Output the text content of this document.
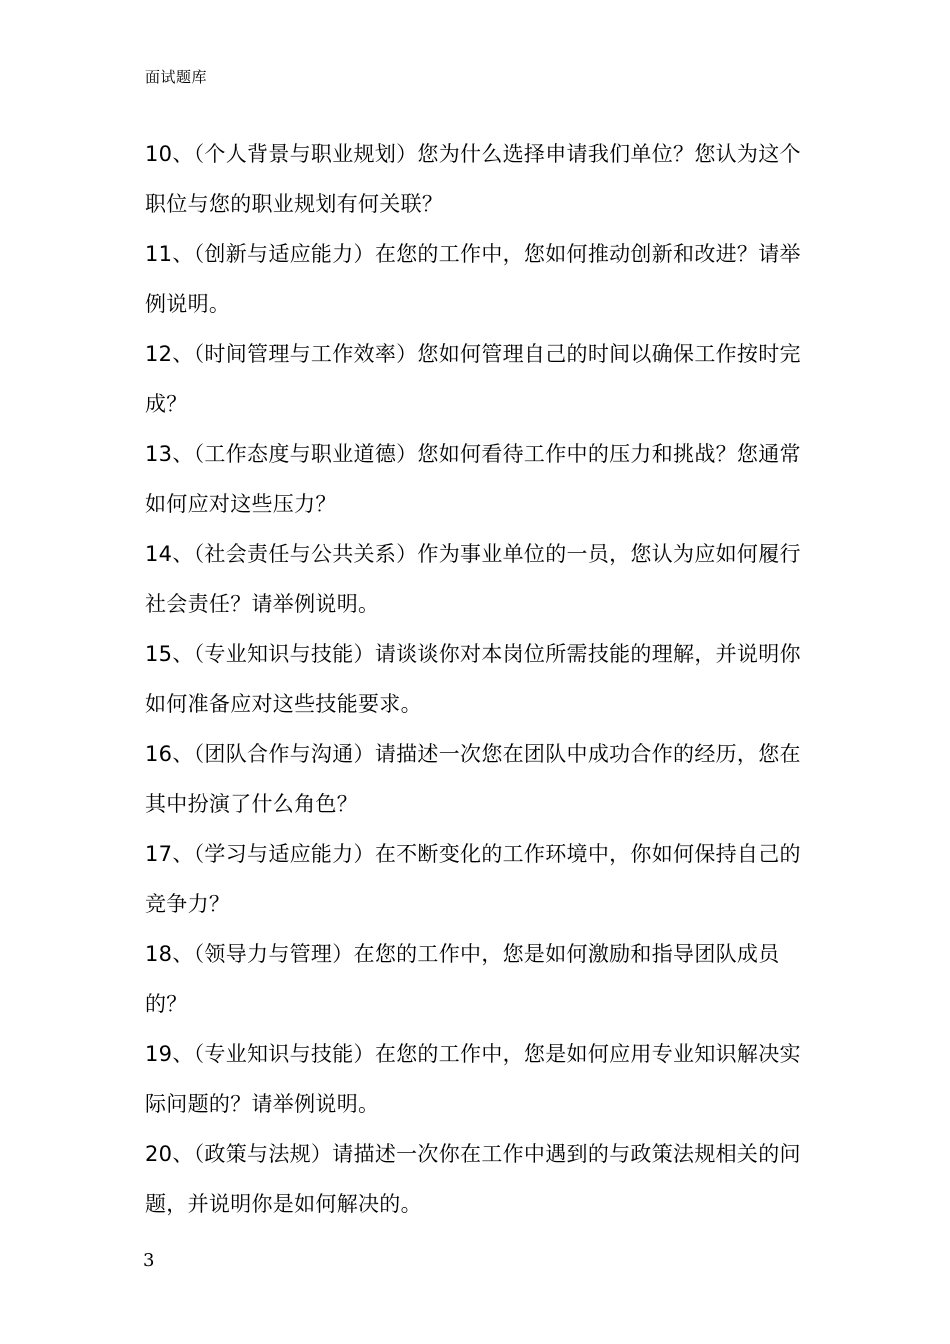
面试题库
10、（个人背景与职业规划）您为什么选择申请我们单位？您认为这个职位与您的职业规划有何关联？
11、（创新与适应能力）在您的工作中，您如何推动创新和改进？请举例说明。
12、（时间管理与工作效率）您如何管理自己的时间以确保工作按时完成？
13、（工作态度与职业道德）您如何看待工作中的压力和挑战？您通常如何应对这些压力？
14、（社会责任与公共关系）作为事业单位的一员，您认为应如何履行社会责任？请举例说明。
15、（专业知识与技能）请谈谈你对本岗位所需技能的理解，并说明你如何准备应对这些技能要求。
16、（团队合作与沟通）请描述一次您在团队中成功合作的经历，您在其中扮演了什么角色？
17、（学习与适应能力）在不断变化的工作环境中，你如何保持自己的竞争力？
18、（领导力与管理）在您的工作中，您是如何激励和指导团队成员的？
19、（专业知识与技能）在您的工作中，您是如何应用专业知识解决实际问题的？请举例说明。
20、（政策与法规）请描述一次你在工作中遇到的与政策法规相关的问题，并说明你是如何解决的。
3
